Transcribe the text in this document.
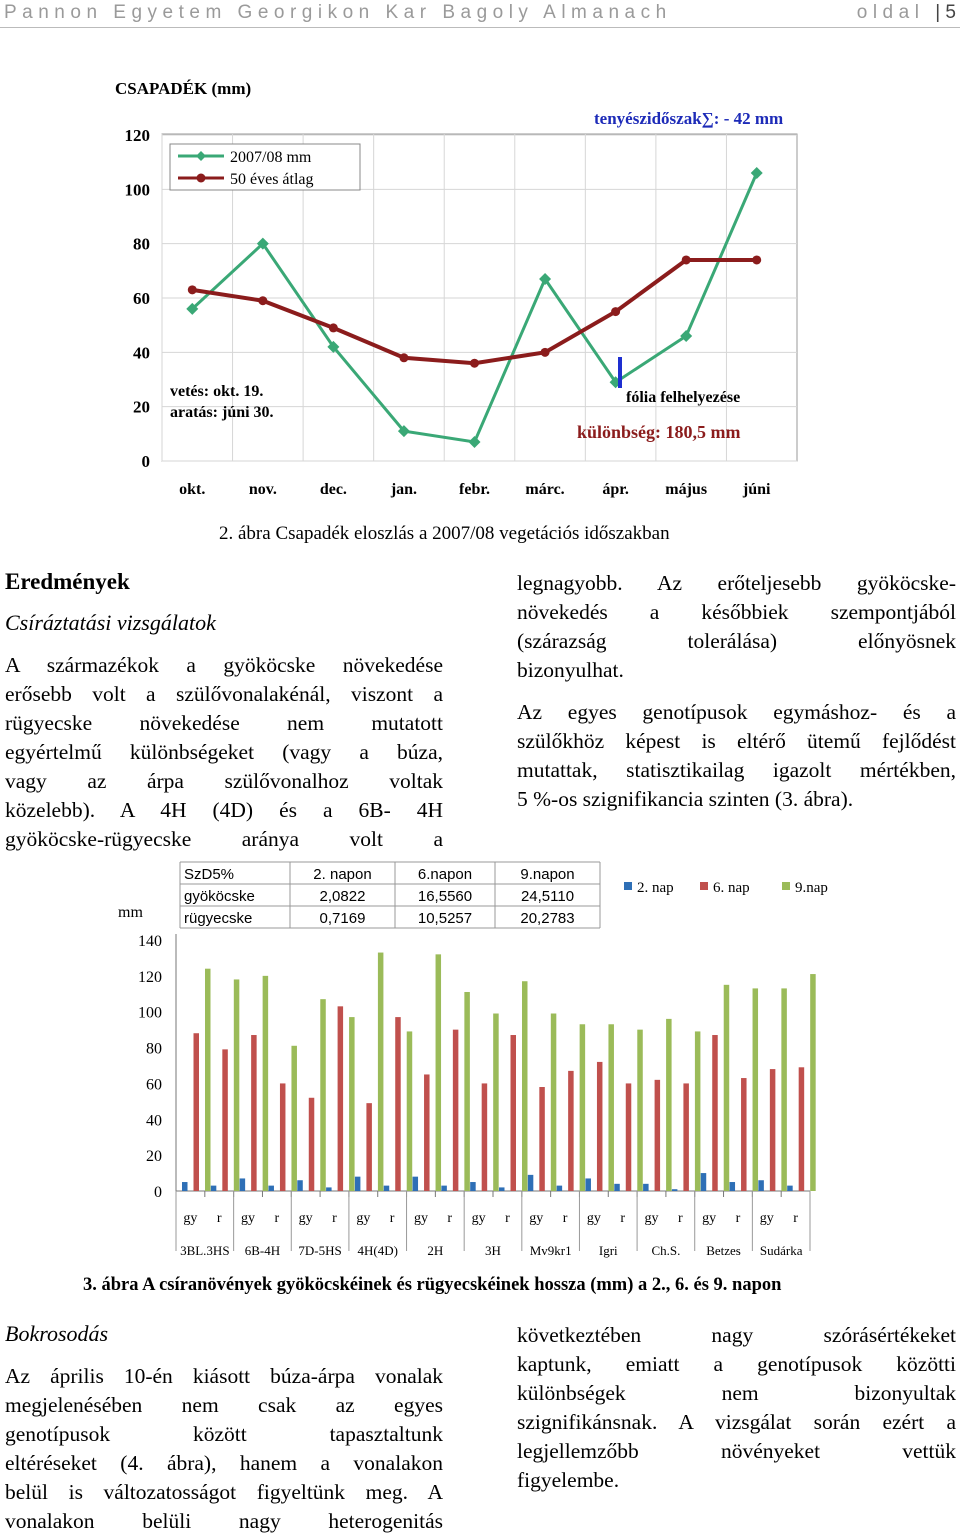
Pannon Egyetem Georgikon Kar Bagoly Almanach	oldal | 5
CSAPADÉK (mm)
0
20
40
60
80
100
120
okt.	nov.	dec.	jan.	febr. márc. ápr. május júni
2007/08 mm
50 éves átlag
tenyészidőszak∑: - 42 mm
vetés: okt. 19.
aratás: júni 30.
fólia felhelyezése
különbség: 180,5 mm
2. ábra Csapadék eloszlás a 2007/08 vegetációs időszakban
Eredmények
Csíráztatási vizsgálatok
A származékok a gyököcske növekedése
erősebb volt a szülővonalakénál, viszont a
rügyecske növekedése nem mutatott
egyértelmű különbségeket (vagy a búza,
vagy az árpa szülővonalhoz voltak
közelebb). A 4H (4D) és a 6B- 4H
gyököcske-rügyecske aránya volt a
legnagyobb. Az erőteljesebb gyököcske-
növekedés a későbbiek szempontjából
(szárazság tolerálása) előnyösnek
bizonyulhat.
Az egyes genotípusok egymáshoz- és a
szülőkhöz képest is eltérő ütemű fejlődést
mutattak, statisztikailag igazolt mértékben,
5 %-os szignifikancia szinten (3. ábra).
SzD5%	2. napon	6.napon	9.napon
gyököcske	2,0822	16,5560	24,5110
rügyecske	0,7169	10,5257	20,2783
2. nap	6. nap	9.nap
mm
0
20
40
60
80
100
120
140
gy r gy r gy r gy r gy r gy r gy r gy r gy r gy r gy r
3BL.3HS 6B-4H 7D-5HS 4H(4D) 2H	3H Mv9kr1 Igri	Ch.S. Betzes Sudárka
3. ábra A csíranövények gyököcskéinek és rügyecskéinek hossza (mm) a 2., 6. és 9. napon
Bokrosodás
Az április 10-én kiásott búza-árpa vonalak
megjelenésében nem csak az egyes
genotípusok között tapasztaltunk
eltéréseket (4. ábra), hanem a vonalakon
belül is változatosságot figyeltünk meg. A
vonalakon belüli nagy heterogenitás
következtében nagy szórásértékeket
kaptunk, emiatt a genotípusok közötti
különbségek nem bizonyultak
szignifikánsnak. A vizsgálat során ezért a
legjellemzőbb növényeket vettük
figyelembe.
